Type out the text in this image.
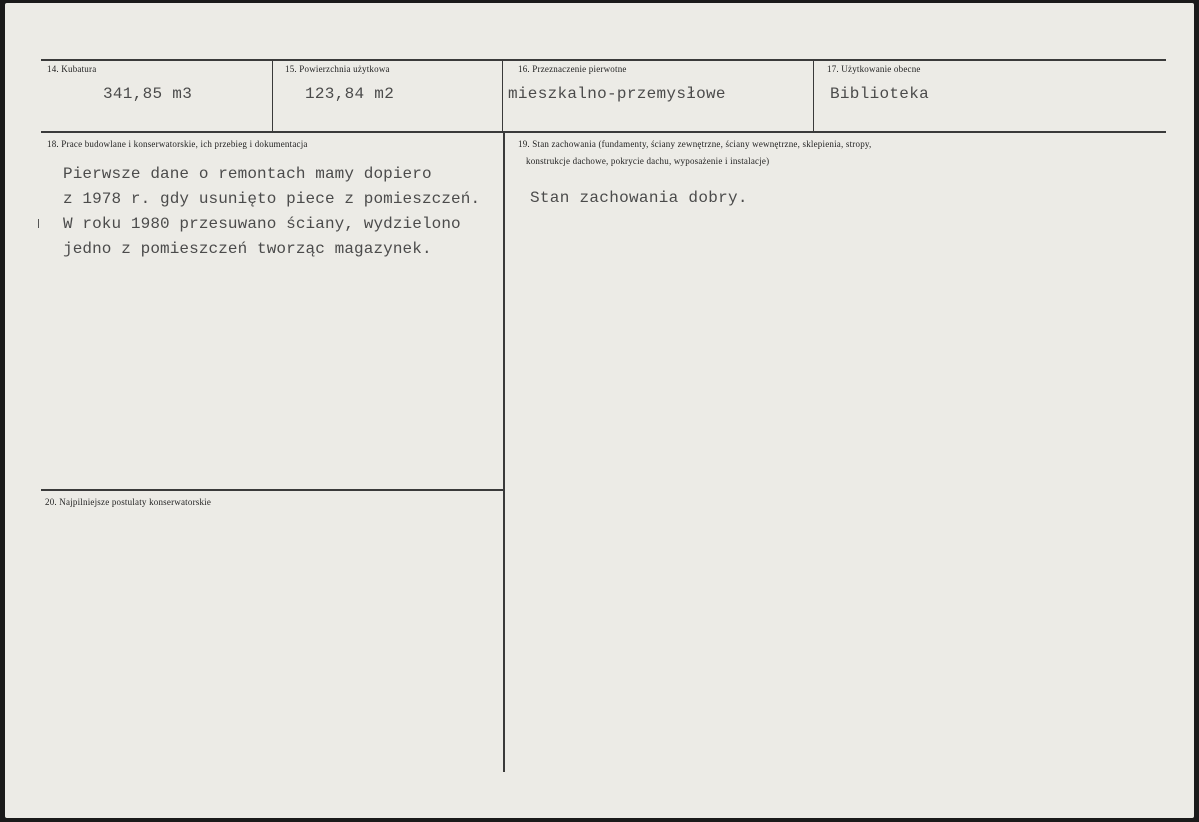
14. Kubatura
341,85 m3
15. Powierzchnia użytkowa
123,84 m2
16. Przeznaczenie pierwotne
mieszkalno-przemysłowe
17. Użytkowanie obecne
Biblioteka
18. Prace budowlane i konserwatorskie, ich przebieg i dokumentacja
Pierwsze dane o remontach mamy dopiero
z 1978 r. gdy usunięto piece z pomieszczeń.
W roku 1980 przesuwano ściany, wydzielono
jedno z pomieszczeń tworząc magazynek.
19. Stan zachowania (fundamenty, ściany zewnętrzne, ściany wewnętrzne, sklepienia, stropy,
konstrukcje dachowe, pokrycie dachu, wyposażenie i instalacje)
Stan zachowania dobry.
20. Najpilniejsze postulaty konserwatorskie
